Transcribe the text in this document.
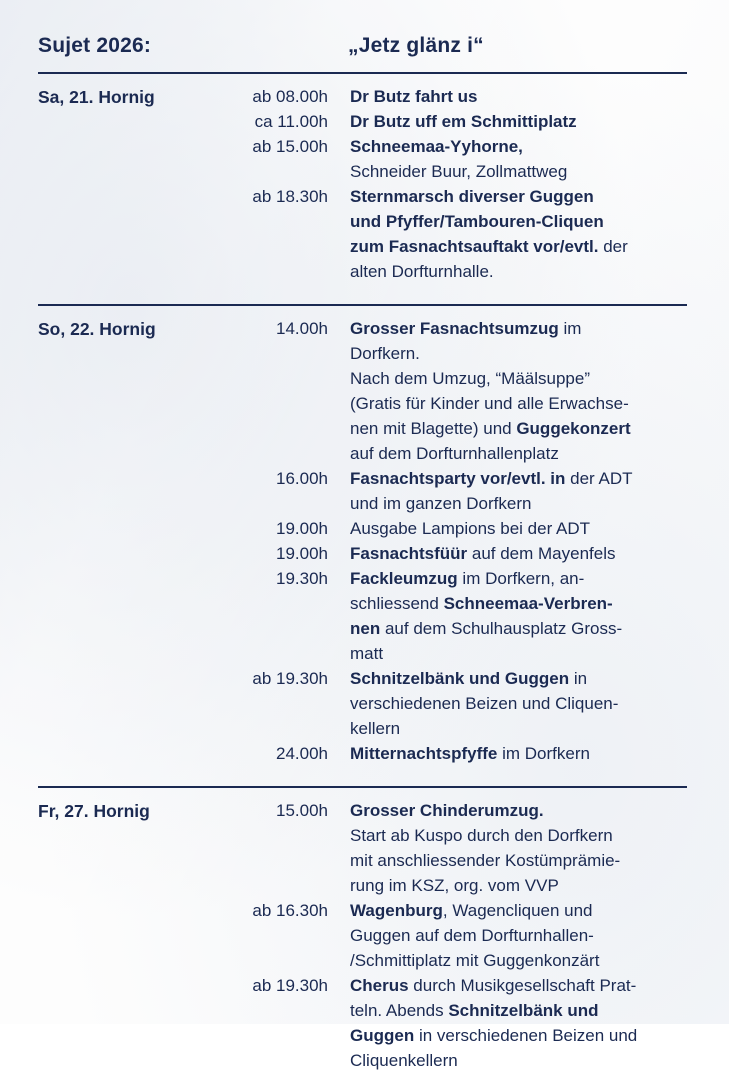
Sujet 2026:	„Jetz glänz i“
Sa, 21. Hornig	ab 08.00h	Dr Butz fahrt us
ca 11.00h	Dr Butz uff em Schmittiplatz
ab 15.00h	Schneemaa-Yyhorne,
Schneider Buur, Zollmattweg
ab 18.30h	Sternmarsch diverser Guggen
und Pfyffer/Tambouren-Cliquen
zum Fasnachtsauftakt vor/evtl. der
alten Dorfturnhalle.
So, 22. Hornig	14.00h	Grosser Fasnachtsumzug im
Dorfkern.
Nach dem Umzug, “Määlsuppe”
(Gratis für Kinder und alle Erwachse-
nen mit Blagette) und Guggekonzert
auf dem Dorfturnhallenplatz
16.00h	Fasnachtsparty vor/evtl. in der ADT
und im ganzen Dorfkern
19.00h	Ausgabe Lampions bei der ADT
19.00h	Fasnachtsfüür auf dem Mayenfels
19.30h	Fackleumzug im Dorfkern, an-
schliessend Schneemaa-Verbren-
nen auf dem Schulhausplatz Gross-
matt
ab 19.30h	Schnitzelbänk und Guggen in
verschiedenen Beizen und Cliquen-
kellern
24.00h	Mitternachtspfyffe im Dorfkern
Fr, 27. Hornig	15.00h	Grosser Chinderumzug.
Start ab Kuspo durch den Dorfkern
mit anschliessender Kostümprämie-
rung im KSZ, org. vom VVP
ab 16.30h	Wagenburg, Wagencliquen und
Guggen auf dem Dorfturnhallen-
/Schmittiplatz mit Guggenkonzärt
ab 19.30h	Cherus durch Musikgesellschaft Prat-
teln. Abends Schnitzelbänk und
Guggen in verschiedenen Beizen und
Cliquenkellern
